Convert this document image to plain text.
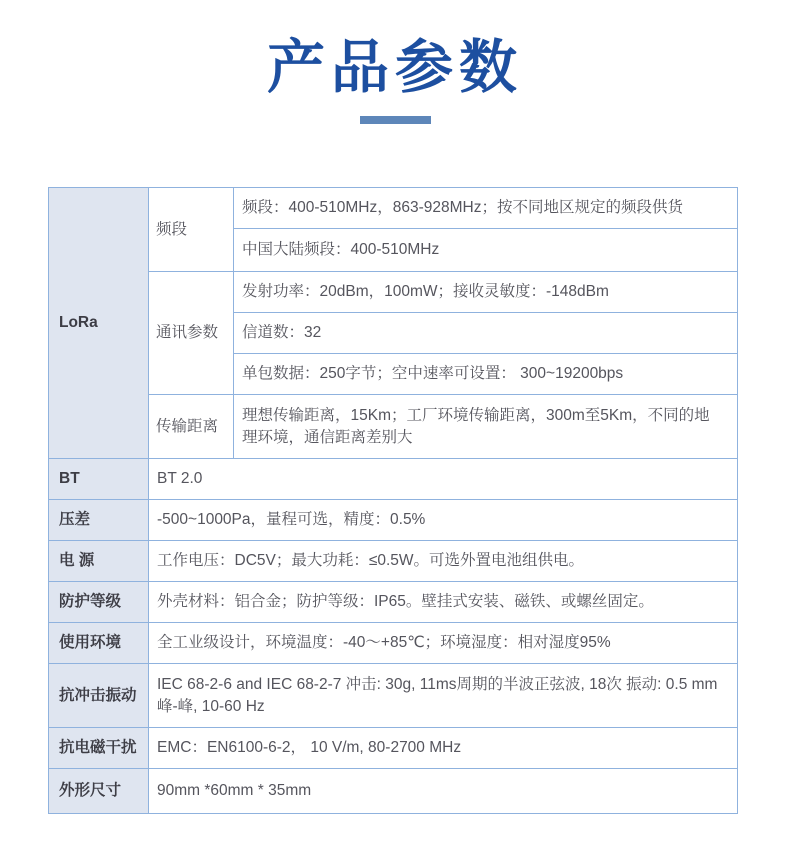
产品参数
LoRa	频段	频段：400-510MHz，863-928MHz；按不同地区规定的频段供货
		中国大陆频段：400-510MHz
	通讯参数	发射功率：20dBm，100mW；接收灵敏度：-148dBm
		信道数：32
		单包数据：250字节；空中速率可设置： 300~19200bps
	传输距离	理想传输距离，15Km；工厂环境传输距离，300m至5Km，不同的地理环境，通信距离差别大
BT	BT 2.0	
压差	-500~1000Pa，量程可选，精度：0.5%	
电 源	工作电压：DC5V；最大功耗：≤0.5W。可选外置电池组供电。	
防护等级	外壳材料：铝合金；防护等级：IP65。壁挂式安装、磁铁、或螺丝固定。	
使用环境	全工业级设计，环境温度：-40～+85℃；环境湿度：相对湿度95%	
抗冲击振动	IEC 68-2-6 and IEC 68-2-7 冲击: 30g, 11ms周期的半波正弦波, 18次 振动: 0.5 mm 峰-峰, 10-60 Hz	
抗电磁干扰	EMC：EN6100-6-2， 10 V/m, 80-2700 MHz	
外形尺寸	90mm *60mm * 35mm	
